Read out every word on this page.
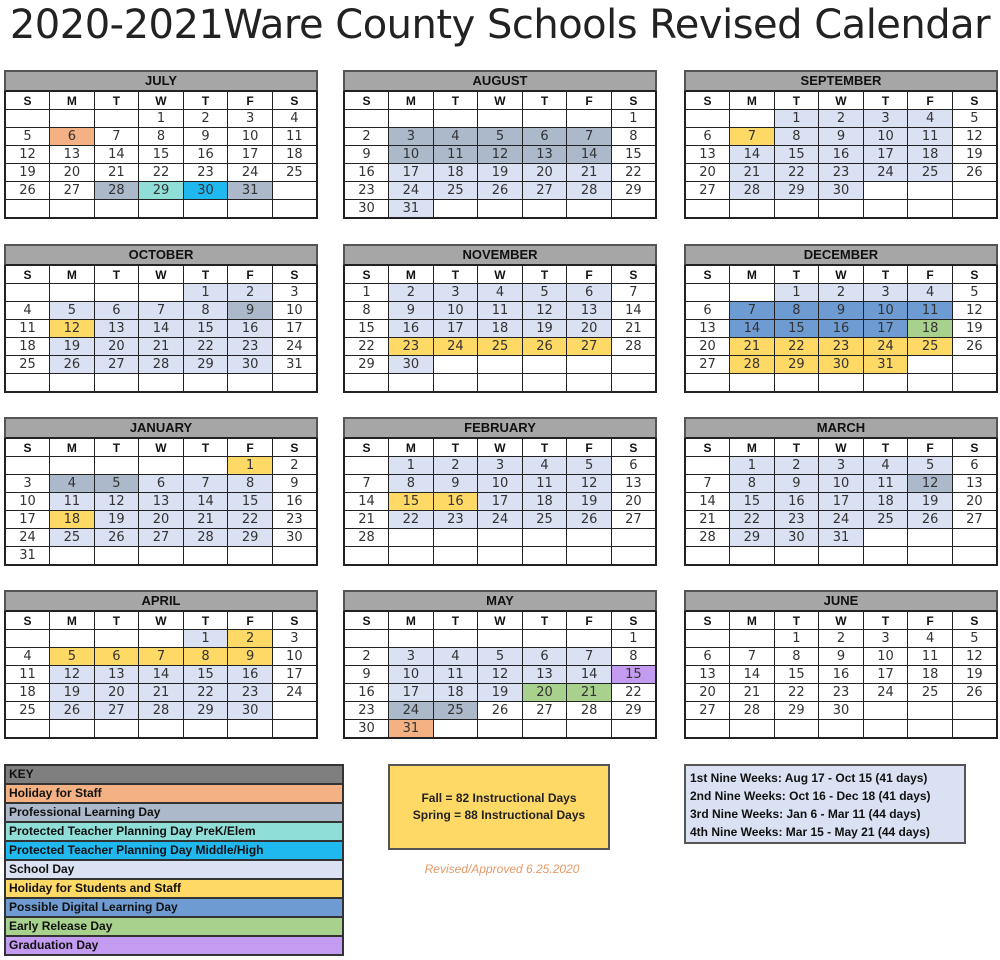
2020-2021Ware County Schools Revised Calendar
JULY
S	M	T	W	T	F	S
			1	2	3	4
5	6	7	8	9	10	11
12	13	14	15	16	17	18
19	20	21	22	23	24	25
26	27	28	29	30	31	

AUGUST
S	M	T	W	T	F	S
						1
2	3	4	5	6	7	8
9	10	11	12	13	14	15
16	17	18	19	20	21	22
23	24	25	26	27	28	29
30	31					
SEPTEMBER
S	M	T	W	T	F	S
		1	2	3	4	5
6	7	8	9	10	11	12
13	14	15	16	17	18	19
20	21	22	23	24	25	26
27	28	29	30			

OCTOBER
S	M	T	W	T	F	S
				1	2	3
4	5	6	7	8	9	10
11	12	13	14	15	16	17
18	19	20	21	22	23	24
25	26	27	28	29	30	31

NOVEMBER
S	M	T	W	T	F	S
1	2	3	4	5	6	7
8	9	10	11	12	13	14
15	16	17	18	19	20	21
22	23	24	25	26	27	28
29	30					

DECEMBER
S	M	T	W	T	F	S
		1	2	3	4	5
6	7	8	9	10	11	12
13	14	15	16	17	18	19
20	21	22	23	24	25	26
27	28	29	30	31		

JANUARY
S	M	T	W	T	F	S
					1	2
3	4	5	6	7	8	9
10	11	12	13	14	15	16
17	18	19	20	21	22	23
24	25	26	27	28	29	30
31						
FEBRUARY
S	M	T	W	T	F	S
	1	2	3	4	5	6
7	8	9	10	11	12	13
14	15	16	17	18	19	20
21	22	23	24	25	26	27
28						

MARCH
S	M	T	W	T	F	S
	1	2	3	4	5	6
7	8	9	10	11	12	13
14	15	16	17	18	19	20
21	22	23	24	25	26	27
28	29	30	31			

APRIL
S	M	T	W	T	F	S
				1	2	3
4	5	6	7	8	9	10
11	12	13	14	15	16	17
18	19	20	21	22	23	24
25	26	27	28	29	30	

MAY
S	M	T	W	T	F	S
						1
2	3	4	5	6	7	8
9	10	11	12	13	14	15
16	17	18	19	20	21	22
23	24	25	26	27	28	29
30	31					
JUNE
S	M	T	W	T	F	S
		1	2	3	4	5
6	7	8	9	10	11	12
13	14	15	16	17	18	19
20	21	22	23	24	25	26
27	28	29	30			

KEY
Holiday for Staff
Professional Learning Day
Protected Teacher Planning Day PreK/Elem
Protected Teacher Planning Day Middle/High
School Day
Holiday for Students and Staff
Possible Digital Learning Day
Early Release Day
Graduation Day
Fall = 82 Instructional Days
Spring = 88 Instructional Days
Revised/Approved 6.25.2020
1st Nine Weeks: Aug 17 - Oct 15 (41 days)
2nd Nine Weeks: Oct 16 - Dec 18 (41 days)
3rd Nine Weeks: Jan 6 - Mar 11 (44 days)
4th Nine Weeks: Mar 15 - May 21 (44 days)
